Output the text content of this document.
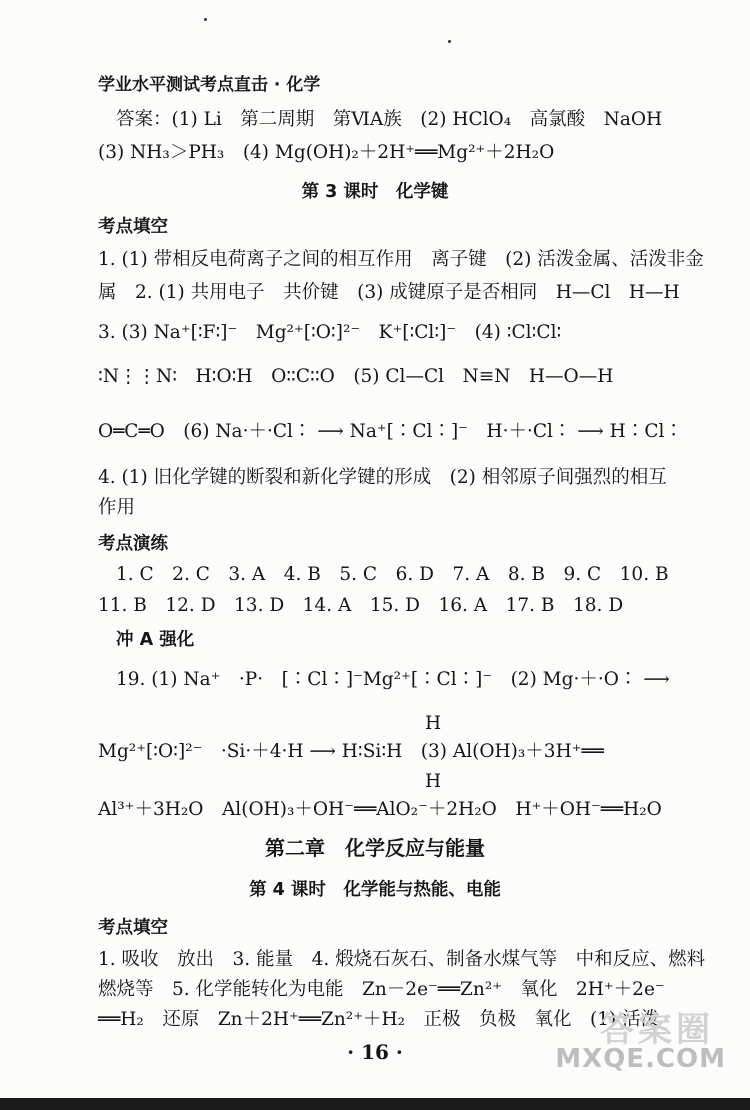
学业水平测试考点直击 · 化学
答案：(1) Li　第二周期　第ⅥA族　(2) HClO₄　高氯酸　NaOH
(3) NH₃＞PH₃　(4) Mg(OH)₂＋2H⁺══Mg²⁺＋2H₂O
第 3 课时　化学键
考点填空
1. (1) 带相反电荷离子之间的相互作用　离子键　(2) 活泼金属、活泼非金
属　2. (1) 共用电子　共价键　(3) 成键原子是否相同　H—Cl　H—H
3. (3) Na⁺[∶F∶]⁻　Mg²⁺[∶O∶]²⁻　K⁺[∶Cl∶]⁻　(4) ∶Cl∶Cl∶
∶N⋮⋮N∶　H∶O∶H　O∶∶C∶∶O　(5) Cl—Cl　N≡N　H—O—H
O═C═O　(6) Na·＋·Cl∶ ⟶ Na⁺[∶Cl∶]⁻　H·＋·Cl∶ ⟶ H∶Cl∶
4. (1) 旧化学键的断裂和新化学键的形成　(2) 相邻原子间强烈的相互
作用
考点演练
1. C　2. C　3. A　4. B　5. C　6. D　7. A　8. B　9. C　10. B
11. B　12. D　13. D　14. A　15. D　16. A　17. B　18. D
冲 A 强化
19. (1) Na⁺　·P·　[∶Cl∶]⁻Mg²⁺[∶Cl∶]⁻　(2) Mg·＋·O∶ ⟶
H
Mg²⁺[∶O∶]²⁻　·Si·＋4·H ⟶ H∶Si∶H　(3) Al(OH)₃＋3H⁺══
H
Al³⁺＋3H₂O　Al(OH)₃＋OH⁻══AlO₂⁻＋2H₂O　H⁺＋OH⁻══H₂O
第二章　化学反应与能量
第 4 课时　化学能与热能、电能
考点填空
1. 吸收　放出　3. 能量　4. 煅烧石灰石、制备水煤气等　中和反应、燃料
燃烧等　5. 化学能转化为电能　Zn－2e⁻══Zn²⁺　氧化　2H⁺＋2e⁻
══H₂　还原　Zn＋2H⁺══Zn²⁺＋H₂　正极　负极　氧化　(1) 活泼
· 16 ·
答案圈
MXQE.COM
